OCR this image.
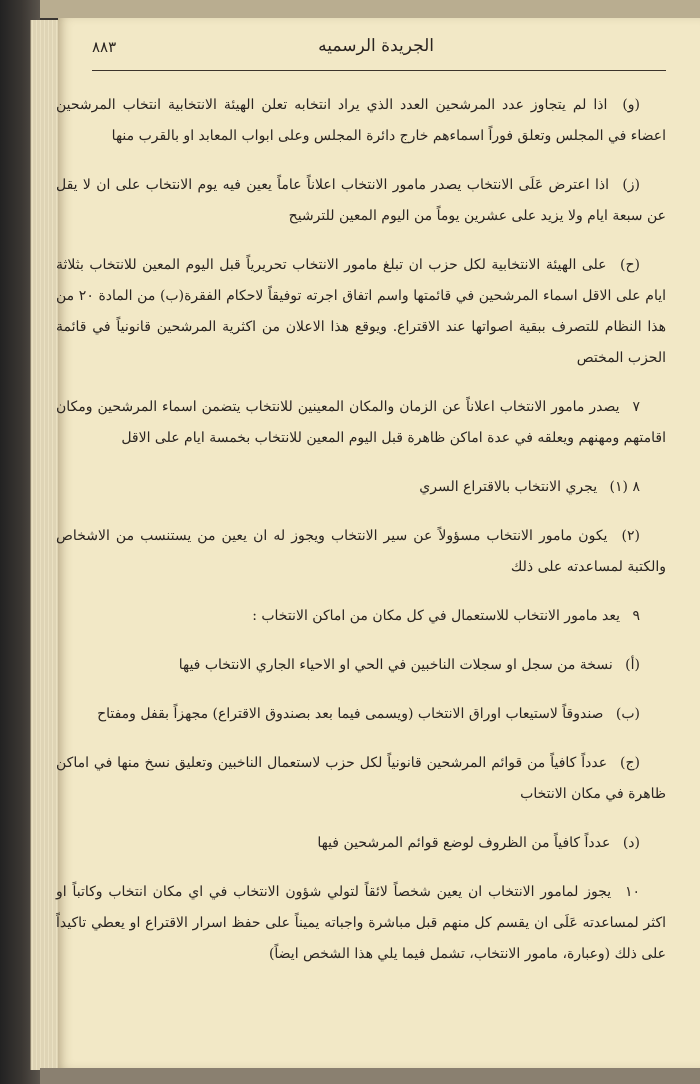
الجريدة الرسميه
٨٨٣

(و) اذا لم يتجاوز عدد المرشحين العدد الذي يراد انتخابه تعلن الهيئة الانتخابية انتخاب المرشحين اعضاء في المجلس وتعلق فوراً اسماءهم خارج دائرة المجلس وعلى ابواب المعابد او بالقرب منها

(ز) اذا اعترض عَلَى الانتخاب يصدر مامور الانتخاب اعلاناً عاماً يعين فيه يوم الانتخاب على ان لا يقل عن سبعة ايام ولا يزيد على عشرين يوماً من اليوم المعين للترشيح

(ح) على الهيئة الانتخابية لكل حزب ان تبلغ مامور الانتخاب تحريرياً قبل اليوم المعين للانتخاب بثلاثة ايام على الاقل اسماء المرشحين في قائمتها واسم اتفاق اجرته توفيقاً لاحكام الفقرة(ب) من المادة ٢٠ من هذا النظام للتصرف ببقية اصواتها عند الاقتراع. ويوقع هذا الاعلان من اكثرية المرشحين قانونياً في قائمة الحزب المختص

٧ يصدر مامور الانتخاب اعلاناً عن الزمان والمكان المعينين للانتخاب يتضمن اسماء المرشحين ومكان اقامتهم ومهنهم ويعلقه في عدة اماكن ظاهرة قبل اليوم المعين للانتخاب بخمسة ايام على الاقل

٨ (١) يجري الانتخاب بالاقتراع السري

(٢) يكون مامور الانتخاب مسؤولاً عن سير الانتخاب ويجوز له ان يعين من يستنسب من الاشخاص والكتبة لمساعدته على ذلك

٩ يعد مامور الانتخاب للاستعمال في كل مكان من اماكن الانتخاب :

(أ) نسخة من سجل او سجلات الناخبين في الحي او الاحياء الجاري الانتخاب فيها

(ب) صندوقاً لاستيعاب اوراق الانتخاب (ويسمى فيما بعد بصندوق الاقتراع) مجهزاً بقفل ومفتاح

(ج) عدداً كافياً من قوائم المرشحين قانونياً لكل حزب لاستعمال الناخبين وتعليق نسخ منها في اماكن ظاهرة في مكان الانتخاب

(د) عدداً كافياً من الظروف لوضع قوائم المرشحين فيها

١٠ يجوز لمامور الانتخاب ان يعين شخصاً لائقاً لتولي شؤون الانتخاب في اي مكان انتخاب وكاتباً او اكثر لمساعدته عَلَى ان يقسم كل منهم قبل مباشرة واجباته يميناً على حفظ اسرار الاقتراع او يعطي تاكيداً على ذلك (وعبارة، مامور الانتخاب، تشمل فيما يلي هذا الشخص ايضاً)
